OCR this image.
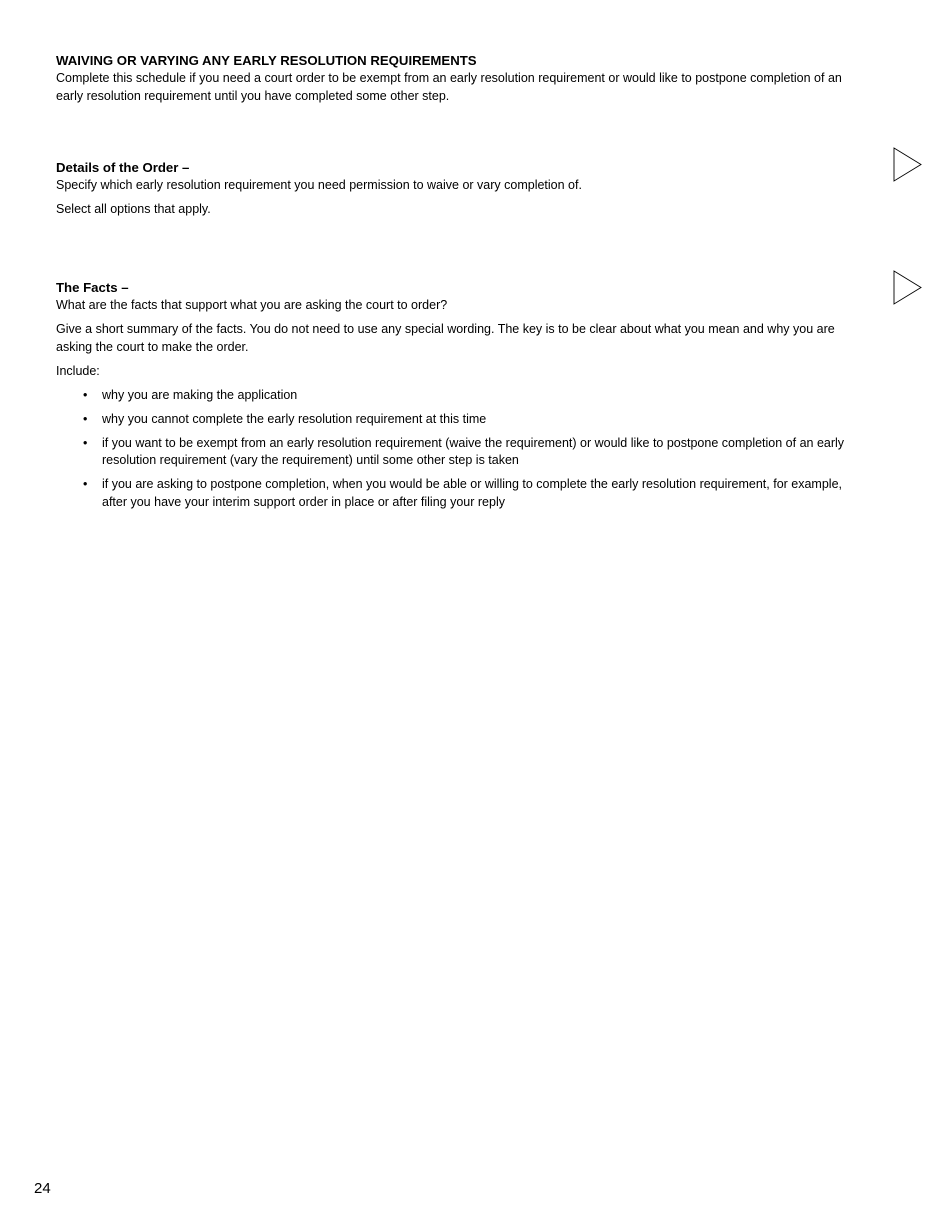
WAIVING OR VARYING ANY EARLY RESOLUTION REQUIREMENTS

Complete this schedule if you need a court order to be exempt from an early resolution requirement or would like to postpone completion of an early resolution requirement until you have completed some other step.

Details of the Order –

Specify which early resolution requirement you need permission to waive or vary completion of.

Select all options that apply.

The Facts –

What are the facts that support what you are asking the court to order?

Give a short summary of the facts. You do not need to use any special wording. The key is to be clear about what you mean and why you are asking the court to make the order.

Include:

• why you are making the application
• why you cannot complete the early resolution requirement at this time
• if you want to be exempt from an early resolution requirement (waive the requirement) or would like to postpone completion of an early resolution requirement (vary the requirement) until some other step is taken
• if you are asking to postpone completion, when you would be able or willing to complete the early resolution requirement, for example, after you have your interim support order in place or after filing your reply
24
